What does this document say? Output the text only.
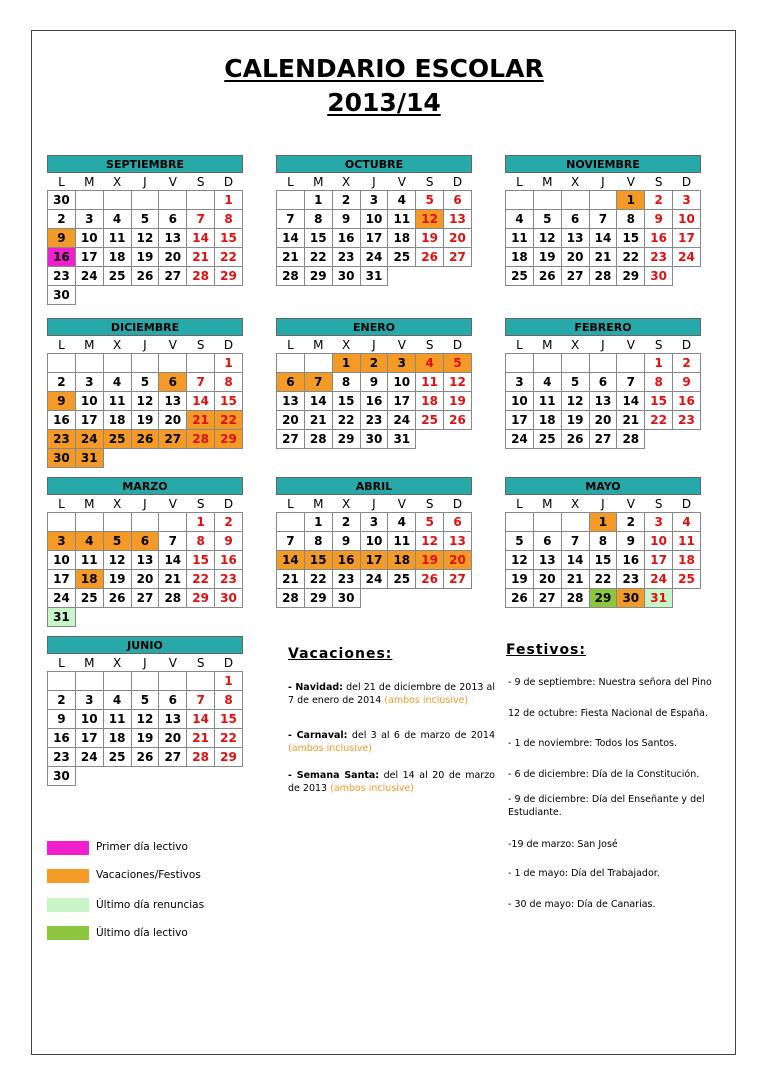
CALENDARIO ESCOLAR
2013/14
SEPTIEMBRE						
L	M	X	J	V	S	D
30						1
2	3	4	5	6	7	8
9	10	11	12	13	14	15
16	17	18	19	20	21	22
23	24	25	26	27	28	29
30						
OCTUBRE						
L	M	X	J	V	S	D
	1	2	3	4	5	6
7	8	9	10	11	12	13
14	15	16	17	18	19	20
21	22	23	24	25	26	27
28	29	30	31			
NOVIEMBRE						
L	M	X	J	V	S	D
				1	2	3
4	5	6	7	8	9	10
11	12	13	14	15	16	17
18	19	20	21	22	23	24
25	26	27	28	29	30	
DICIEMBRE						
L	M	X	J	V	S	D
						1
2	3	4	5	6	7	8
9	10	11	12	13	14	15
16	17	18	19	20	21	22
23	24	25	26	27	28	29
30	31					
ENERO						
L	M	X	J	V	S	D
		1	2	3	4	5
6	7	8	9	10	11	12
13	14	15	16	17	18	19
20	21	22	23	24	25	26
27	28	29	30	31		
FEBRERO						
L	M	X	J	V	S	D
					1	2
3	4	5	6	7	8	9
10	11	12	13	14	15	16
17	18	19	20	21	22	23
24	25	26	27	28		
MARZO						
L	M	X	J	V	S	D
					1	2
3	4	5	6	7	8	9
10	11	12	13	14	15	16
17	18	19	20	21	22	23
24	25	26	27	28	29	30
31						
ABRIL						
L	M	X	J	V	S	D
	1	2	3	4	5	6
7	8	9	10	11	12	13
14	15	16	17	18	19	20
21	22	23	24	25	26	27
28	29	30				
MAYO						
L	M	X	J	V	S	D
			1	2	3	4
5	6	7	8	9	10	11
12	13	14	15	16	17	18
19	20	21	22	23	24	25
26	27	28	29	30	31	
JUNIO						
L	M	X	J	V	S	D
						1
2	3	4	5	6	7	8
9	10	11	12	13	14	15
16	17	18	19	20	21	22
23	24	25	26	27	28	29
30						
Vacaciones:
- Navidad: del 21 de diciembre de 2013 al 7 de enero de 2014 (ambos inclusive)
- Carnaval: del 3 al 6 de marzo de 2014 (ambos inclusive)
- Semana Santa: del 14 al 20 de marzo de 2013 (ambos inclusive)
Festivos:
- 9 de septiembre: Nuestra señora del Pino
12 de octubre: Fiesta Nacional de España.
- 1 de noviembre: Todos los Santos.
- 6 de diciembre: Día de la Constitución.
- 9 de diciembre: Día del Enseñante y del Estudiante.
-19 de marzo: San José
- 1 de mayo: Día del Trabajador.
- 30 de mayo: Día de Canarias.
Primer día lectivo
Vacaciones/Festivos
Último día renuncias
Último día lectivo
